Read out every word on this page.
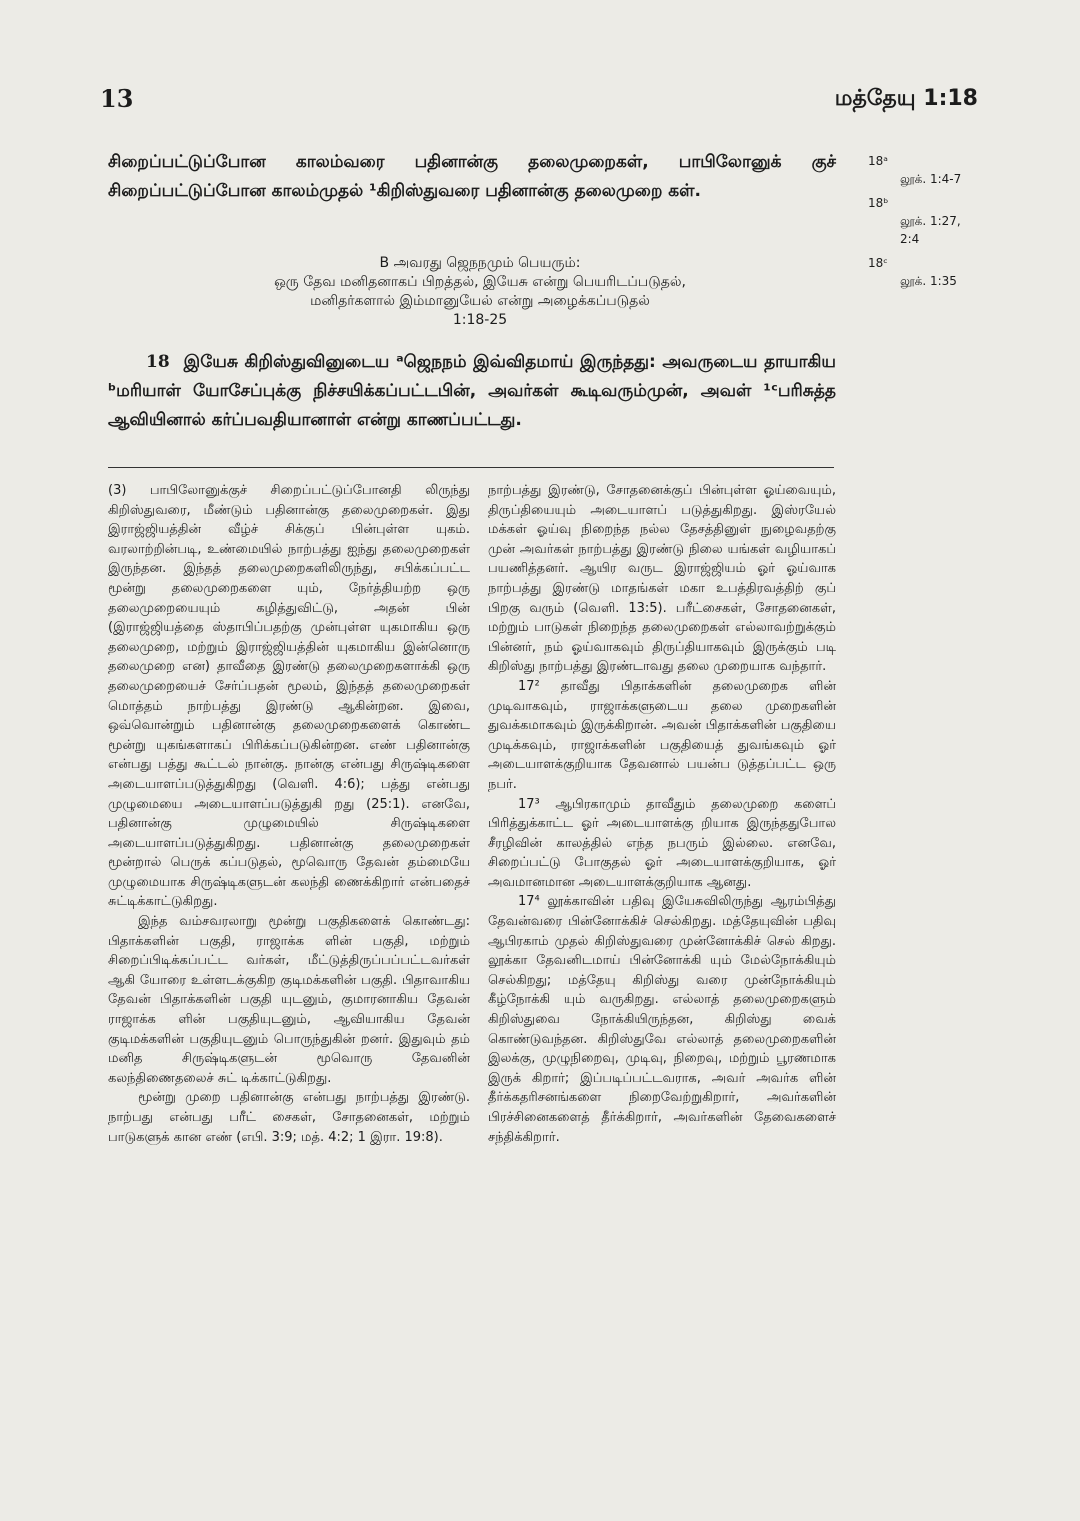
13	மத்தேயு 1:18
சிறைப்பட்டுப்போன காலம்வரை பதினான்கு தலைமுறைகள், பாபிலோனுக் குச் சிறைப்பட்டுப்போன காலம்முதல் ¹கிறிஸ்துவரை பதினான்கு தலைமுறை கள்.
18ᵃ
லூக். 1:4-7
18ᵇ
லூக். 1:27, 2:4
18ᶜ
லூக். 1:35
B அவரது ஜெநநமும் பெயரும்:
ஒரு தேவ மனிதனாகப் பிறத்தல், இயேசு என்று பெயரிடப்படுதல்,
மனிதர்களால் இம்மானுயேல் என்று அழைக்கப்படுதல்
1:18-25
18 இயேசு கிறிஸ்துவினுடைய ᵃஜெநநம் இவ்விதமாய் இருந்தது: அவருடைய தாயாகிய ᵇமரியாள் யோசேப்புக்கு நிச்சயிக்கப்பட்டபின், அவர்கள் கூடிவரும்முன், அவள் ¹ᶜபரிசுத்த ஆவியினால் கர்ப்பவதியானாள் என்று காணப்பட்டது.

(3) பாபிலோனுக்குச் சிறைப்பட்டுப்போனதி லிருந்து கிறிஸ்துவரை, மீண்டும் பதினான்கு தலைமுறைகள். இது இராஜ்ஜியத்தின் வீழ்ச் சிக்குப் பின்புள்ள யுகம். வரலாற்றின்படி, உண்மையில் நாற்பத்து ஐந்து தலைமுறைகள் இருந்தன. இந்தத் தலைமுறைகளிலிருந்து, சபிக்கப்பட்ட மூன்று தலைமுறைகளை யும், நேர்த்தியற்ற ஒரு தலைமுறையையும் கழித்துவிட்டு, அதன் பின் (இராஜ்ஜியத்தை ஸ்தாபிப்பதற்கு முன்புள்ள யுகமாகிய ஒரு தலைமுறை, மற்றும் இராஜ்ஜியத்தின் யுகமாகிய இன்னொரு தலைமுறை என) தாவீதை இரண்டு தலைமுறைகளாக்கி ஒரு தலைமுறையைச் சேர்ப்பதன் மூலம், இந்தத் தலைமுறைகள் மொத்தம் நாற்பத்து இரண்டு ஆகின்றன. இவை, ஒவ்வொன்றும் பதினான்கு தலைமுறைகளைக் கொண்ட மூன்று யுகங்களாகப் பிரிக்கப்படுகின்றன. எண் பதினான்கு என்பது பத்து கூட்டல் நான்கு. நான்கு என்பது சிருஷ்டிகளை அடையாளப்படுத்துகிறது (வெளி. 4:6); பத்து என்பது முழுமையை அடையாளப்படுத்துகி றது (25:1). எனவே, பதினான்கு முழுமையில் சிருஷ்டிகளை அடையாளப்படுத்துகிறது. பதினான்கு தலைமுறைகள் மூன்றால் பெருக் கப்படுதல், மூவொரு தேவன் தம்மையே முழுமையாக சிருஷ்டிகளுடன் கலந்தி ணைக்கிறார் என்பதைச் சுட்டிக்காட்டுகிறது.

இந்த வம்சவரலாறு மூன்று பகுதிகளைக் கொண்டது: பிதாக்களின் பகுதி, ராஜாக்க ளின் பகுதி, மற்றும் சிறைப்பிடிக்கப்பட்ட வர்கள், மீட்டுத்திருப்பப்பட்டவர்கள் ஆகி யோரை உள்ளடக்குகிற குடிமக்களின் பகுதி. பிதாவாகிய தேவன் பிதாக்களின் பகுதி யுடனும், குமாரனாகிய தேவன் ராஜாக்க ளின் பகுதியுடனும், ஆவியாகிய தேவன் குடிமக்களின் பகுதியுடனும் பொருந்துகின் றனர். இதுவும் தம் மனித சிருஷ்டிகளுடன் மூவொரு தேவனின் கலந்திணைதலைச் சுட் டிக்காட்டுகிறது.

மூன்று முறை பதினான்கு என்பது நாற்பத்து இரண்டு. நாற்பது என்பது பரீட் சைகள், சோதனைகள், மற்றும் பாடுகளுக் கான எண் (எபி. 3:9; மத். 4:2; 1 இரா. 19:8).

நாற்பத்து இரண்டு, சோதனைக்குப் பின்புள்ள ஓய்வையும், திருப்தியையும் அடையாளப் படுத்துகிறது. இஸ்ரயேல் மக்கள் ஓய்வு நிறைந்த நல்ல தேசத்தினுள் நுழைவதற்கு முன் அவர்கள் நாற்பத்து இரண்டு நிலை யங்கள் வழியாகப் பயணித்தனர். ஆயிர வருட இராஜ்ஜியம் ஓர் ஓய்வாக நாற்பத்து இரண்டு மாதங்கள் மகா உபத்திரவத்திற் குப் பிறகு வரும் (வெளி. 13:5). பரீட்சைகள், சோதனைகள், மற்றும் பாடுகள் நிறைந்த தலைமுறைகள் எல்லாவற்றுக்கும் பின்னர், நம் ஓய்வாகவும் திருப்தியாகவும் இருக்கும் படி கிறிஸ்து நாற்பத்து இரண்டாவது தலை முறையாக வந்தார்.

17² தாவீது பிதாக்களின் தலைமுறைக ளின் முடிவாகவும், ராஜாக்களுடைய தலை முறைகளின் துவக்கமாகவும் இருக்கிறான். அவன் பிதாக்களின் பகுதியை முடிக்கவும், ராஜாக்களின் பகுதியைத் துவங்கவும் ஓர் அடையாளக்குறியாக தேவனால் பயன்ப டுத்தப்பட்ட ஒரு நபர்.

17³ ஆபிரகாமும் தாவீதும் தலைமுறை களைப் பிரித்துக்காட்ட ஓர் அடையாளக்கு றியாக இருந்ததுபோல சீரழிவின் காலத்தில் எந்த நபரும் இல்லை. எனவே, சிறைப்பட்டு போகுதல் ஓர் அடையாளக்குறியாக, ஓர் அவமானமான அடையாளக்குறியாக ஆனது.

17⁴ லூக்காவின் பதிவு இயேசுவிலிருந்து ஆரம்பித்து தேவன்வரை பின்னோக்கிச் செல்கிறது. மத்தேயுவின் பதிவு ஆபிரகாம் முதல் கிறிஸ்துவரை முன்னோக்கிச் செல் கிறது. லூக்கா தேவனிடமாய் பின்னோக்கி யும் மேல்நோக்கியும் செல்கிறது; மத்தேயு கிறிஸ்து வரை முன்நோக்கியும் கீழ்நோக்கி யும் வருகிறது. எல்லாத் தலைமுறைகளும் கிறிஸ்துவை நோக்கியிருந்தன, கிறிஸ்து வைக் கொண்டுவந்தன. கிறிஸ்துவே எல்லாத் தலைமுறைகளின் இலக்கு, முழுநிறைவு, முடிவு, நிறைவு, மற்றும் பூரணமாக இருக் கிறார்; இப்படிப்பட்டவராக, அவர் அவர்க ளின் தீர்க்கதரிசனங்களை நிறைவேற்றுகிறார், அவர்களின் பிரச்சினைகளைத் தீர்க்கிறார், அவர்களின் தேவைகளைச் சந்திக்கிறார்.
